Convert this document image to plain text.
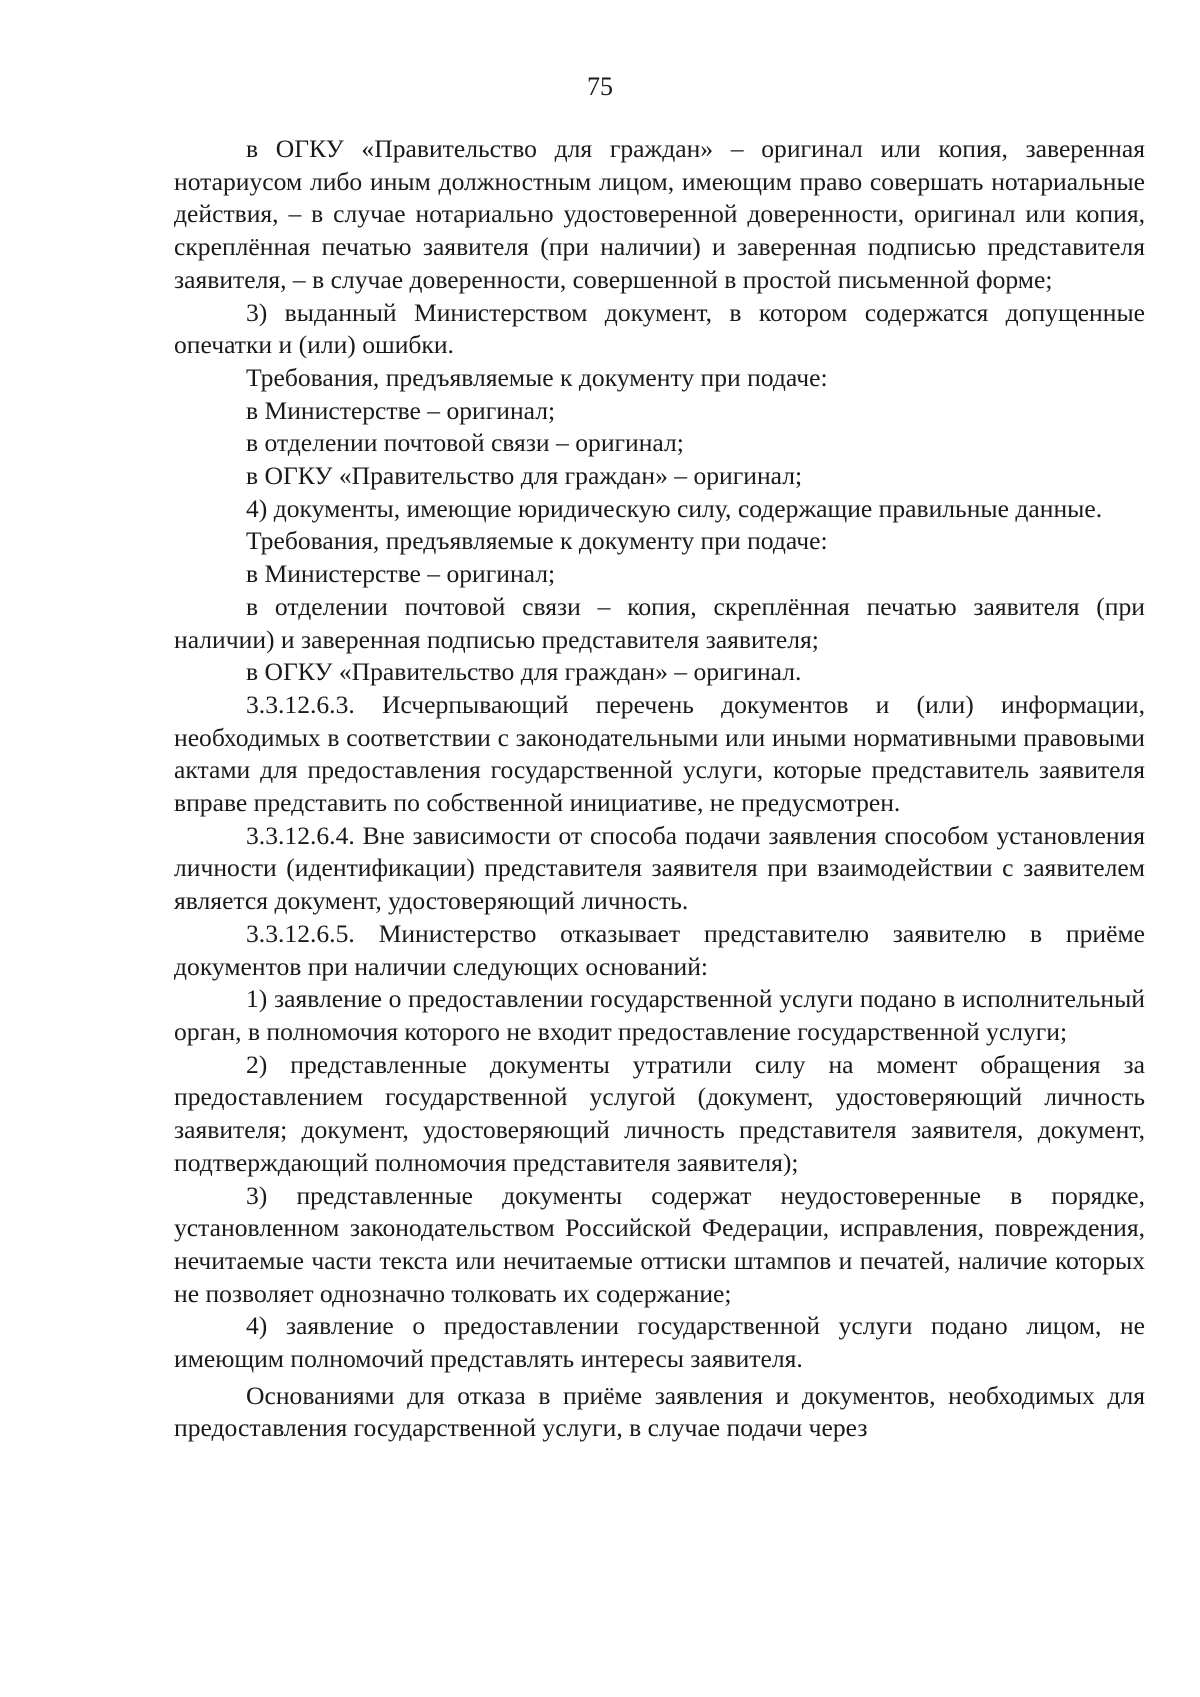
75

в ОГКУ «Правительство для граждан» – оригинал или копия, заверенная нотариусом либо иным должностным лицом, имеющим право совершать нотариальные действия, – в случае нотариально удостоверенной доверенности, оригинал или копия, скреплённая печатью заявителя (при наличии) и заверенная подписью представителя заявителя, – в случае доверенности, совершенной в простой письменной форме;

3) выданный Министерством документ, в котором содержатся допущенные опечатки и (или) ошибки.

Требования, предъявляемые к документу при подаче:

в Министерстве – оригинал;

в отделении почтовой связи – оригинал;

в ОГКУ «Правительство для граждан» – оригинал;

4) документы, имеющие юридическую силу, содержащие правильные данные.

Требования, предъявляемые к документу при подаче:

в Министерстве – оригинал;

в отделении почтовой связи – копия, скреплённая печатью заявителя (при наличии) и заверенная подписью представителя заявителя;

в ОГКУ «Правительство для граждан» – оригинал.

3.3.12.6.3. Исчерпывающий перечень документов и (или) информации, необходимых в соответствии с законодательными или иными нормативными правовыми актами для предоставления государственной услуги, которые представитель заявителя вправе представить по собственной инициативе, не предусмотрен.

3.3.12.6.4. Вне зависимости от способа подачи заявления способом установления личности (идентификации) представителя заявителя при взаимодействии с заявителем является документ, удостоверяющий личность.

3.3.12.6.5. Министерство отказывает представителю заявителю в приёме документов при наличии следующих оснований:

1) заявление о предоставлении государственной услуги подано в исполнительный орган, в полномочия которого не входит предоставление государственной услуги;

2) представленные документы утратили силу на момент обращения за предоставлением государственной услугой (документ, удостоверяющий личность заявителя; документ, удостоверяющий личность представителя заявителя, документ, подтверждающий полномочия представителя заявителя);

3) представленные документы содержат неудостоверенные в порядке, установленном законодательством Российской Федерации, исправления, повреждения, нечитаемые части текста или нечитаемые оттиски штампов и печатей, наличие которых не позволяет однозначно толковать их содержание;

4) заявление о предоставлении государственной услуги подано лицом, не имеющим полномочий представлять интересы заявителя.

Основаниями для отказа в приёме заявления и документов, необходимых для предоставления государственной услуги, в случае подачи через
